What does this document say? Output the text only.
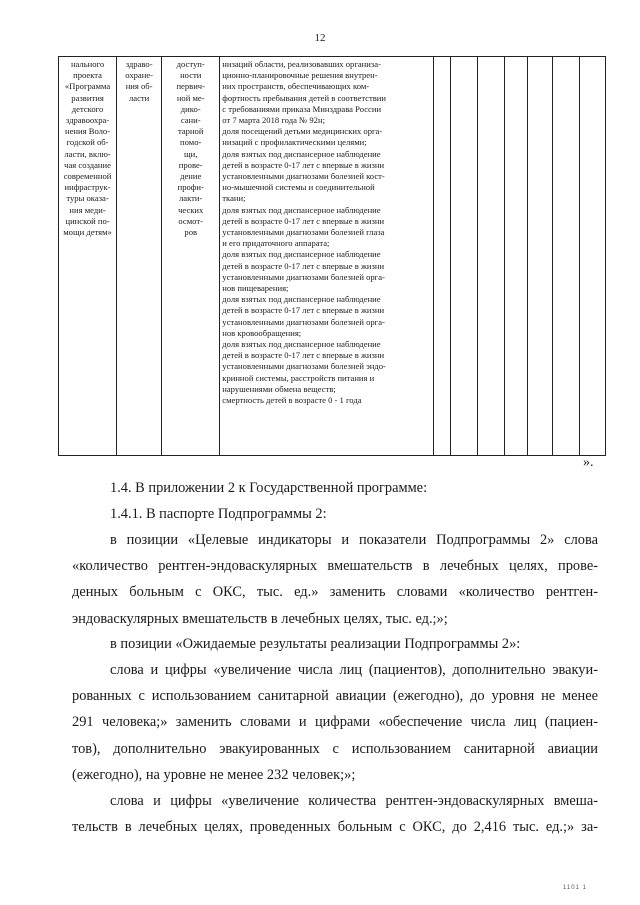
12
нального
проекта
«Программа
развития
детского
здравоохра-
нения Воло-
годской об-
ласти, вклю-
чая создание
современной
инфраструк-
туры оказа-
ния меди-
цинской по-
мощи детям»

здраво-
охране-
ния об-
ласти

доступ-
ности
первич-
ной ме-
дико-
сани-
тарной
помо-
щи,
прове-
дение
профи-
лакти-
ческих
осмот-
ров

низаций области, реализовавших организа-
ционно-планировочные решения внутрен-
них пространств, обеспечивающих ком-
фортность пребывания детей в соответствии
с требованиями приказа Минздрава России
от 7 марта 2018 года № 92н;
доля посещений детьми медицинских орга-
низаций с профилактическими целями;
доля взятых под диспансерное наблюдение
детей в возрасте 0-17 лет с впервые в жизни
установленными диагнозами болезней кост-
но-мышечной системы и соединительной
ткани;
доля взятых под диспансерное наблюдение
детей в возрасте 0-17 лет с впервые в жизни
установленными диагнозами болезней глаза
и его придаточного аппарата;
доля взятых под диспансерное наблюдение
детей в возрасте 0-17 лет с впервые в жизни
установленными диагнозами болезней орга-
нов пищеварения;
доля взятых под диспансерное наблюдение
детей в возрасте 0-17 лет с впервые в жизни
установленными диагнозами болезней орга-
нов кровообращения;
доля взятых под диспансерное наблюдение
детей в возрасте 0-17 лет с впервые в жизни
установленными диагнозами болезней эндо-
кринной системы, расстройств питания и
нарушениями обмена веществ;
смертность детей в возрасте 0 - 1 года

».
1.4. В приложении 2 к Государственной программе:
1.4.1. В паспорте Подпрограммы 2:
в позиции «Целевые индикаторы и показатели Подпрограммы 2» слова
«количество рентген-эндоваскулярных вмешательств в лечебных целях, прове-
денных больным с ОКС, тыс. ед.» заменить словами «количество рентген-
эндоваскулярных вмешательств в лечебных целях, тыс. ед.;»;
в позиции «Ожидаемые результаты реализации Подпрограммы 2»:
слова и цифры «увеличение числа лиц (пациентов), дополнительно эвакуи-
рованных с использованием санитарной авиации (ежегодно), до уровня не менее
291 человека;» заменить словами и цифрами «обеспечение числа лиц (пациен-
тов), дополнительно эвакуированных с использованием санитарной авиации
(ежегодно), на уровне не менее 232 человек;»;
слова и цифры «увеличение количества рентген-эндоваскулярных вмеша-
тельств в лечебных целях, проведенных больным с ОКС, до 2,416 тыс. ед.;» за-
1101 1
